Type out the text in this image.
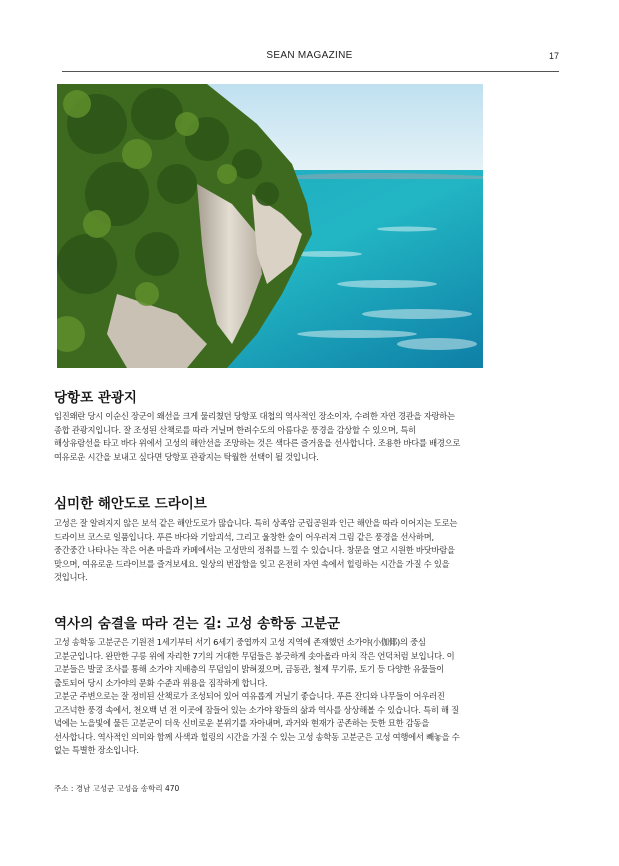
SEAN MAGAZINE	17
당항포 관광지
임진왜란 당시 이순신 장군이 왜선을 크게 물리쳤던 당항포 대첩의 역사적인 장소이자, 수려한 자연 경관을 자랑하는
종합 관광지입니다. 잘 조성된 산책로를 따라 거닐며 한려수도의 아름다운 풍경을 감상할 수 있으며, 특히
해상유람선을 타고 바다 위에서 고성의 해안선을 조망하는 것은 색다른 즐거움을 선사합니다. 조용한 바다를 배경으로
여유로운 시간을 보내고 싶다면 당항포 관광지는 탁월한 선택이 될 것입니다.
심미한 해안도로 드라이브
고성은 잘 알려지지 않은 보석 같은 해안도로가 많습니다. 특히 상족암 군립공원과 인근 해안을 따라 이어지는 도로는
드라이브 코스로 일품입니다. 푸른 바다와 기암괴석, 그리고 울창한 숲이 어우러져 그림 같은 풍경을 선사하며,
중간중간 나타나는 작은 어촌 마을과 카페에서는 고성만의 정취를 느낄 수 있습니다. 창문을 열고 시원한 바닷바람을
맞으며, 여유로운 드라이브를 즐겨보세요. 일상의 번잡함을 잊고 온전히 자연 속에서 힐링하는 시간을 가질 수 있을
것입니다.
역사의 숨결을 따라 걷는 길: 고성 송학동 고분군
고성 송학동 고분군은 기원전 1세기부터 서기 6세기 중엽까지 고성 지역에 존재했던 소가야(小伽倻)의 중심
고분군입니다. 완만한 구릉 위에 자리한 7기의 거대한 무덤들은 봉긋하게 솟아올라 마치 작은 언덕처럼 보입니다. 이
고분들은 발굴 조사를 통해 소가야 지배층의 무덤임이 밝혀졌으며, 금동관, 철제 무기류, 토기 등 다양한 유물들이
출토되어 당시 소가야의 문화 수준과 위용을 짐작하게 합니다.
고분군 주변으로는 잘 정비된 산책로가 조성되어 있어 여유롭게 거닐기 좋습니다. 푸른 잔디와 나무들이 어우러진
고즈넉한 풍경 속에서, 천오백 년 전 이곳에 잠들어 있는 소가야 왕들의 삶과 역사를 상상해볼 수 있습니다. 특히 해 질
녘에는 노을빛에 물든 고분군이 더욱 신비로운 분위기를 자아내며, 과거와 현재가 공존하는 듯한 묘한 감동을
선사합니다. 역사적인 의미와 함께 사색과 힐링의 시간을 가질 수 있는 고성 송학동 고분군은 고성 여행에서 빼놓을 수
없는 특별한 장소입니다.
주소 : 경남 고성군 고성읍 송학리 470
